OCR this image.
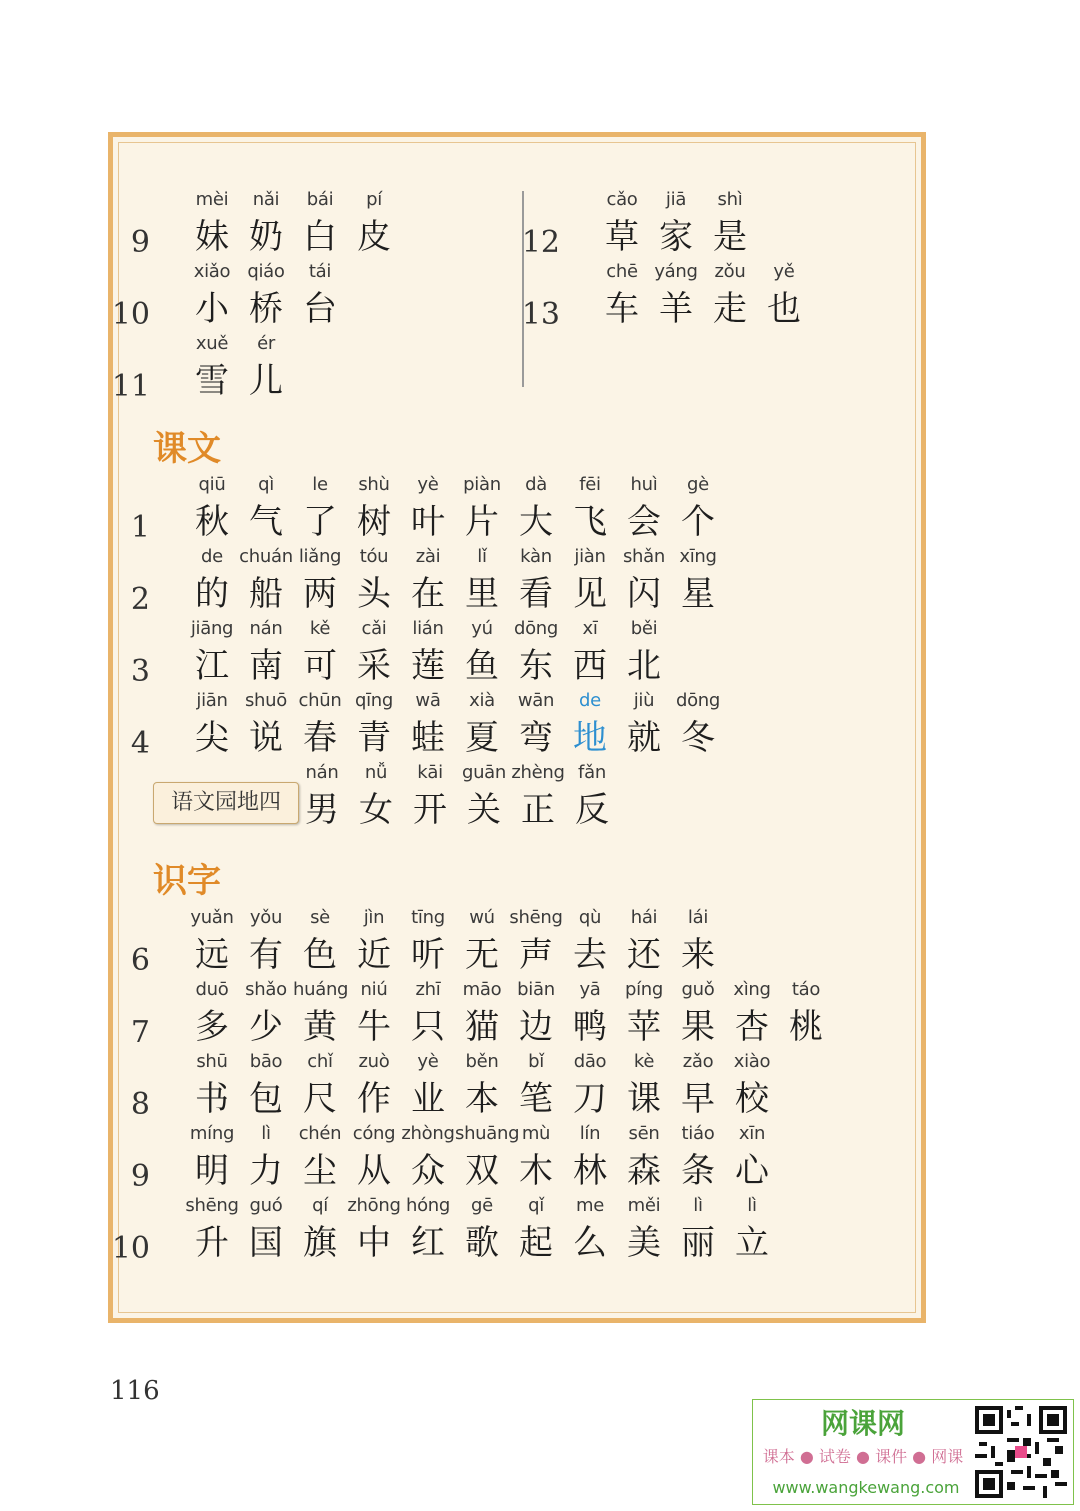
课文
语文园地四
识字
9
mèi
妹
nǎi
奶
bái
白
pí
皮
10
xiǎo
小
qiáo
桥
tái
台
11
xuě
雪
ér
儿
12
cǎo
草
jiā
家
shì
是
13
chē
车
yáng
羊
zǒu
走
yě
也
1
qiū
秋
qì
气
le
了
shù
树
yè
叶
piàn
片
dà
大
fēi
飞
huì
会
gè
个
2
de
的
chuán
船
liǎng
两
tóu
头
zài
在
lǐ
里
kàn
看
jiàn
见
shǎn
闪
xīng
星
3
jiāng
江
nán
南
kě
可
cǎi
采
lián
莲
yú
鱼
dōng
东
xī
西
běi
北
4
jiān
尖
shuō
说
chūn
春
qīng
青
wā
蛙
xià
夏
wān
弯
de
地
jiù
就
dōng
冬
nán
男
nǚ
女
kāi
开
guān
关
zhèng
正
fǎn
反
6
yuǎn
远
yǒu
有
sè
色
jìn
近
tīng
听
wú
无
shēng
声
qù
去
hái
还
lái
来
7
duō
多
shǎo
少
huáng
黄
niú
牛
zhī
只
māo
猫
biān
边
yā
鸭
píng
苹
guǒ
果
xìng
杏
táo
桃
8
shū
书
bāo
包
chǐ
尺
zuò
作
yè
业
běn
本
bǐ
笔
dāo
刀
kè
课
zǎo
早
xiào
校
9
míng
明
lì
力
chén
尘
cóng
从
zhòng
众
shuāng
双
mù
木
lín
林
sēn
森
tiáo
条
xīn
心
10
shēng
升
guó
国
qí
旗
zhōng
中
hóng
红
gē
歌
qǐ
起
me
么
měi
美
lì
丽
lì
立
116
网课网
课本 ● 试卷 ● 课件 ● 网课
www.wangkewang.com
